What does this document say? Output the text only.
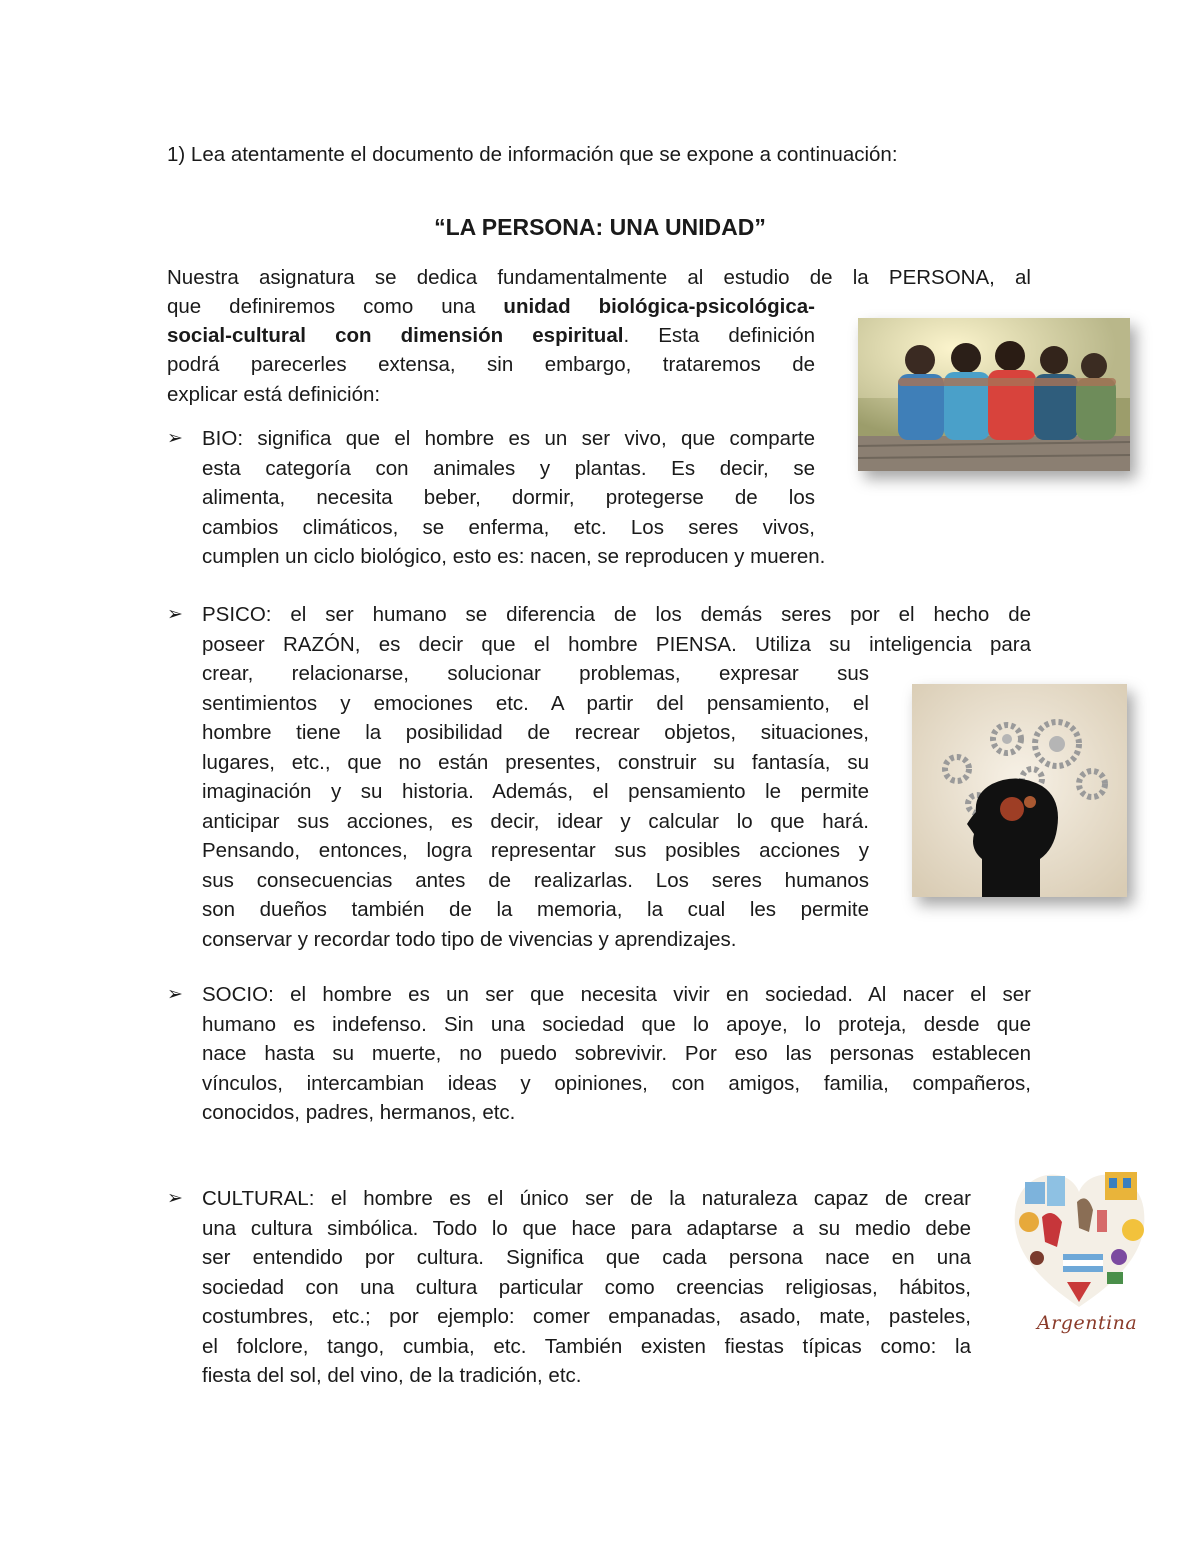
1) Lea atentamente el documento de información que se expone a continuación:
“LA PERSONA: UNA UNIDAD”
Nuestra asignatura se dedica fundamentalmente al estudio de la PERSONA, al
que definiremos como una unidad biológica-psicológica-
social-cultural con dimensión espiritual. Esta definición
podrá parecerles extensa, sin embargo, trataremos de
explicar está definición:
➢ BIO: significa que el hombre es un ser vivo, que comparte
esta categoría con animales y plantas. Es decir, se
alimenta, necesita beber, dormir, protegerse de los
cambios climáticos, se enferma, etc. Los seres vivos,
cumplen un ciclo biológico, esto es: nacen, se reproducen y mueren.
➢ PSICO: el ser humano se diferencia de los demás seres por el hecho de
poseer RAZÓN, es decir que el hombre PIENSA. Utiliza su inteligencia para
crear, relacionarse, solucionar problemas, expresar sus
sentimientos y emociones etc. A partir del pensamiento, el
hombre tiene la posibilidad de recrear objetos, situaciones,
lugares, etc., que no están presentes, construir su fantasía, su
imaginación y su historia. Además, el pensamiento le permite
anticipar sus acciones, es decir, idear y calcular lo que hará.
Pensando, entonces, logra representar sus posibles acciones y
sus consecuencias antes de realizarlas. Los seres humanos
son dueños también de la memoria, la cual les permite
conservar y recordar todo tipo de vivencias y aprendizajes.
➢ SOCIO: el hombre es un ser que necesita vivir en sociedad. Al nacer el ser
humano es indefenso. Sin una sociedad que lo apoye, lo proteja, desde que
nace hasta su muerte, no puedo sobrevivir. Por eso las personas establecen
vínculos, intercambian ideas y opiniones, con amigos, familia, compañeros,
conocidos, padres, hermanos, etc.
➢ CULTURAL: el hombre es el único ser de la naturaleza capaz de crear
una cultura simbólica. Todo lo que hace para adaptarse a su medio debe
ser entendido por cultura. Significa que cada persona nace en una
sociedad con una cultura particular como creencias religiosas, hábitos,
costumbres, etc.; por ejemplo: comer empanadas, asado, mate, pasteles,
el folclore, tango, cumbia, etc. También existen fiestas típicas como: la
fiesta del sol, del vino, de la tradición, etc.
Argentina
